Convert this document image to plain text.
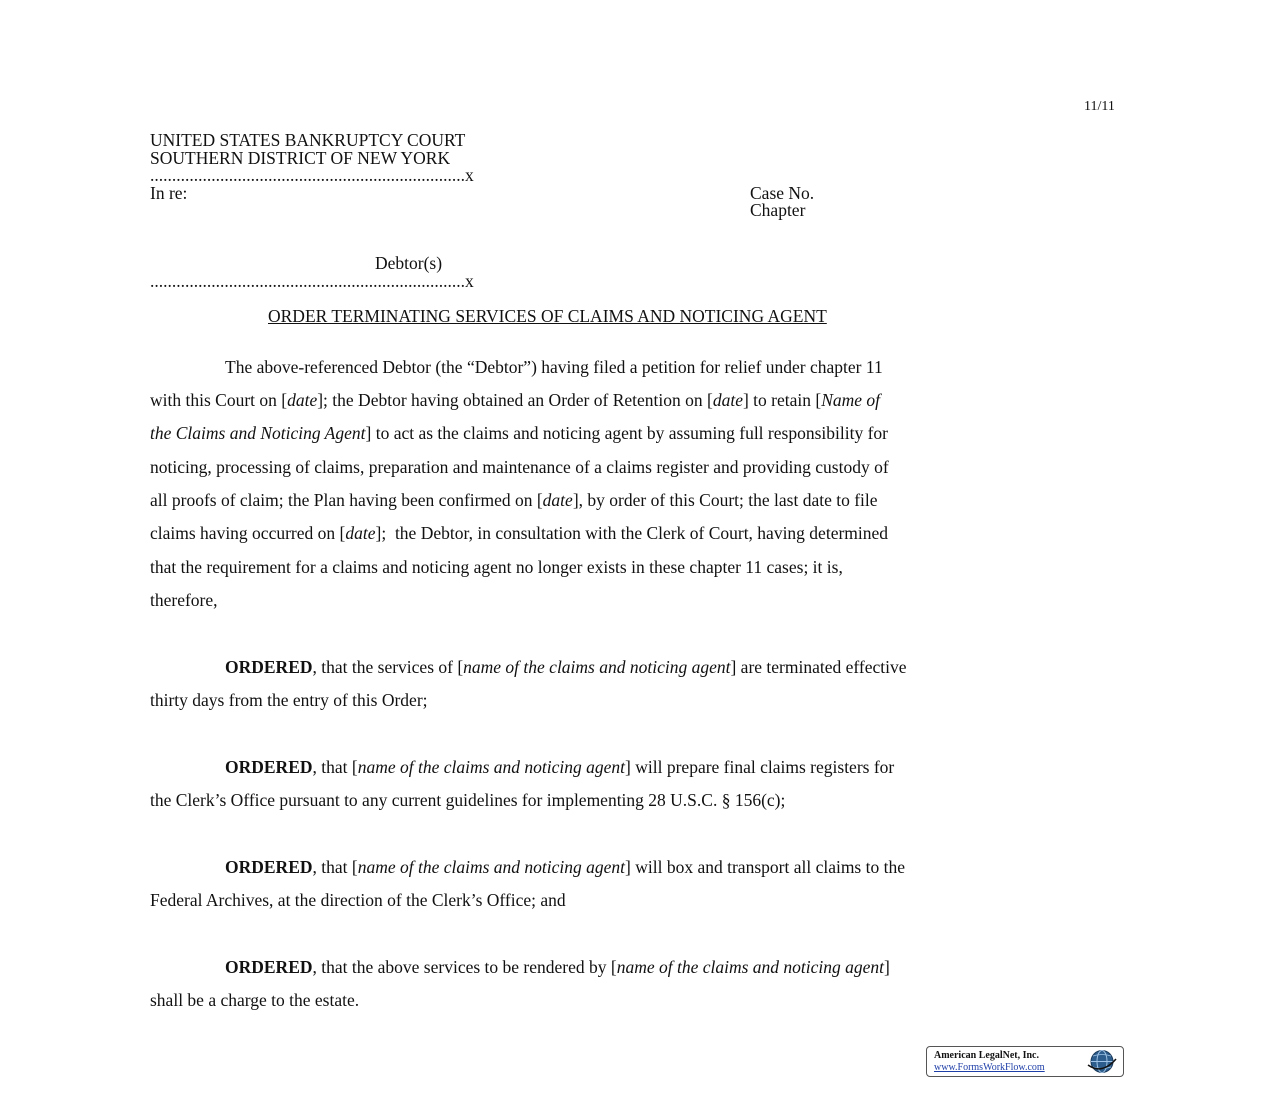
11/11
UNITED STATES BANKRUPTCY COURT
SOUTHERN DISTRICT OF NEW YORK
........................................................................x
In re:	Case No.
Chapter
Debtor(s)
........................................................................x
ORDER TERMINATING SERVICES OF CLAIMS AND NOTICING AGENT
The above-referenced Debtor (the “Debtor”) having filed a petition for relief under chapter 11
with this Court on [date]; the Debtor having obtained an Order of Retention on [date] to retain [Name of
the Claims and Noticing Agent] to act as the claims and noticing agent by assuming full responsibility for
noticing, processing of claims, preparation and maintenance of a claims register and providing custody of
all proofs of claim; the Plan having been confirmed on [date], by order of this Court; the last date to file
claims having occurred on [date];  the Debtor, in consultation with the Clerk of Court, having determined
that the requirement for a claims and noticing agent no longer exists in these chapter 11 cases; it is,
therefore,
ORDERED, that the services of [name of the claims and noticing agent] are terminated effective
thirty days from the entry of this Order;
ORDERED, that [name of the claims and noticing agent] will prepare final claims registers for
the Clerk’s Office pursuant to any current guidelines for implementing 28 U.S.C. § 156(c);
ORDERED, that [name of the claims and noticing agent] will box and transport all claims to the
Federal Archives, at the direction of the Clerk’s Office; and
ORDERED, that the above services to be rendered by [name of the claims and noticing agent]
shall be a charge to the estate.
American LegalNet, Inc.
www.FormsWorkFlow.com
